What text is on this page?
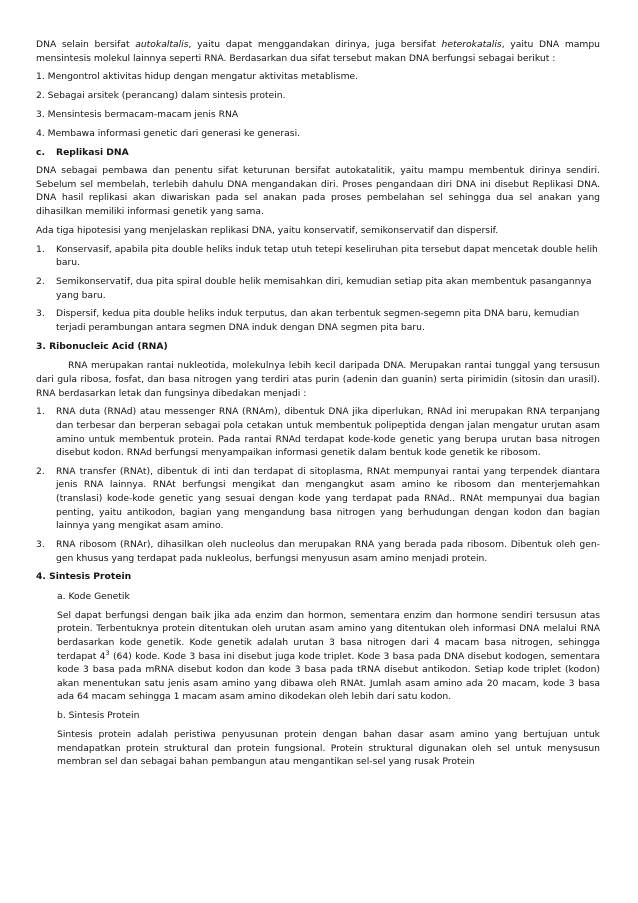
DNA selain bersifat autokaltalis, yaitu dapat menggandakan dirinya, juga bersifat heterokatalis, yaitu DNA mampu mensintesis molekul lainnya seperti RNA. Berdasarkan dua sifat tersebut makan DNA berfungsi sebagai berikut :

1. Mengontrol aktivitas hidup dengan mengatur aktivitas metablisme.

2. Sebagai arsitek (perancang) dalam sintesis protein.

3. Mensintesis bermacam-macam jenis RNA

4. Membawa informasi genetic dari generasi ke generasi.

c.	Replikasi DNA

DNA sebagai pembawa dan penentu sifat keturunan bersifat autokatalitik, yaitu mampu membentuk dirinya sendiri. Sebelum sel membelah, terlebih dahulu DNA mengandakan diri. Proses pengandaan diri DNA ini disebut Replikasi DNA. DNA hasil replikasi akan diwariskan pada sel anakan pada proses pembelahan sel sehingga dua sel anakan yang dihasilkan memiliki informasi genetik yang sama.

Ada tiga hipotesisi yang menjelaskan replikasi DNA, yaitu konservatif, semikonservatif dan dispersif.

1.	Konservasif, apabila pita double heliks induk tetap utuh tetepi keseliruhan pita tersebut dapat mencetak double helih baru.
2.	Semikonservatif, dua pita spiral double helik memisahkan diri, kemudian setiap pita akan membentuk pasangannya yang baru.
3.	Dispersif, kedua pita double heliks induk terputus, dan akan terbentuk segmen-segemn pita DNA baru, kemudian terjadi perambungan antara segmen DNA induk dengan DNA segmen pita baru.

3. Ribonucleic Acid (RNA)

RNA merupakan rantai nukleotida, molekulnya lebih kecil daripada DNA. Merupakan rantai tunggal yang tersusun dari gula ribosa, fosfat, dan basa nitrogen yang terdiri atas purin (adenin dan guanin) serta pirimidin (sitosin dan urasil). RNA berdasarkan letak dan fungsinya dibedakan menjadi :

1.	RNA duta (RNAd) atau messenger RNA (RNAm), dibentuk DNA jika diperlukan, RNAd ini merupakan RNA terpanjang dan terbesar dan berperan sebagai pola cetakan untuk membentuk polipeptida dengan jalan mengatur urutan asam amino untuk membentuk protein. Pada rantai RNAd terdapat kode-kode genetic yang berupa urutan basa nitrogen disebut kodon. RNAd berfungsi menyampaikan informasi genetik dalam bentuk kode genetik ke ribosom.
2.	RNA transfer (RNAt), dibentuk di inti dan terdapat di sitoplasma, RNAt mempunyai rantai yang terpendek diantara jenis RNA lainnya. RNAt berfungsi mengikat dan mengangkut asam amino ke ribosom dan menterjemahkan (translasi) kode-kode genetic yang sesuai dengan kode yang terdapat pada RNAd.. RNAt mempunyai dua bagian penting, yaitu antikodon, bagian yang mengandung basa nitrogen yang berhudungan dengan kodon dan bagian lainnya yang mengikat asam amino.
3.	RNA ribosom (RNAr), dihasilkan oleh nucleolus dan merupakan RNA yang berada pada ribosom. Dibentuk oleh gen-gen khusus yang terdapat pada nukleolus, berfungsi menyusun asam amino menjadi protein.

4. Sintesis Protein

a. Kode Genetik

Sel dapat berfungsi dengan baik jika ada enzim dan hormon, sementara enzim dan hormone sendiri tersusun atas protein. Terbentuknya protein ditentukan oleh urutan asam amino yang ditentukan oleh informasi DNA melalui RNA berdasarkan kode genetik. Kode genetik adalah urutan 3 basa nitrogen dari 4 macam basa nitrogen, sehingga terdapat $4^3$ (64) kode. Kode 3 basa ini disebut juga kode triplet. Kode 3 basa pada DNA disebut kodogen, sementara kode 3 basa pada mRNA disebut kodon dan kode 3 basa pada tRNA disebut antikodon. Setiap kode triplet (kodon) akan menentukan satu jenis asam amino yang dibawa oleh RNAt. Jumlah asam amino ada 20 macam, kode 3 basa ada 64 macam sehingga 1 macam asam amino dikodekan oleh lebih dari satu kodon.

b. Sintesis Protein

Sintesis protein adalah peristiwa penyusunan protein dengan bahan dasar asam amino yang bertujuan untuk mendapatkan protein struktural dan protein fungsional. Protein struktural digunakan oleh sel untuk menysusun membran sel dan sebagai bahan pembangun atau mengantikan sel-sel yang rusak Protein
